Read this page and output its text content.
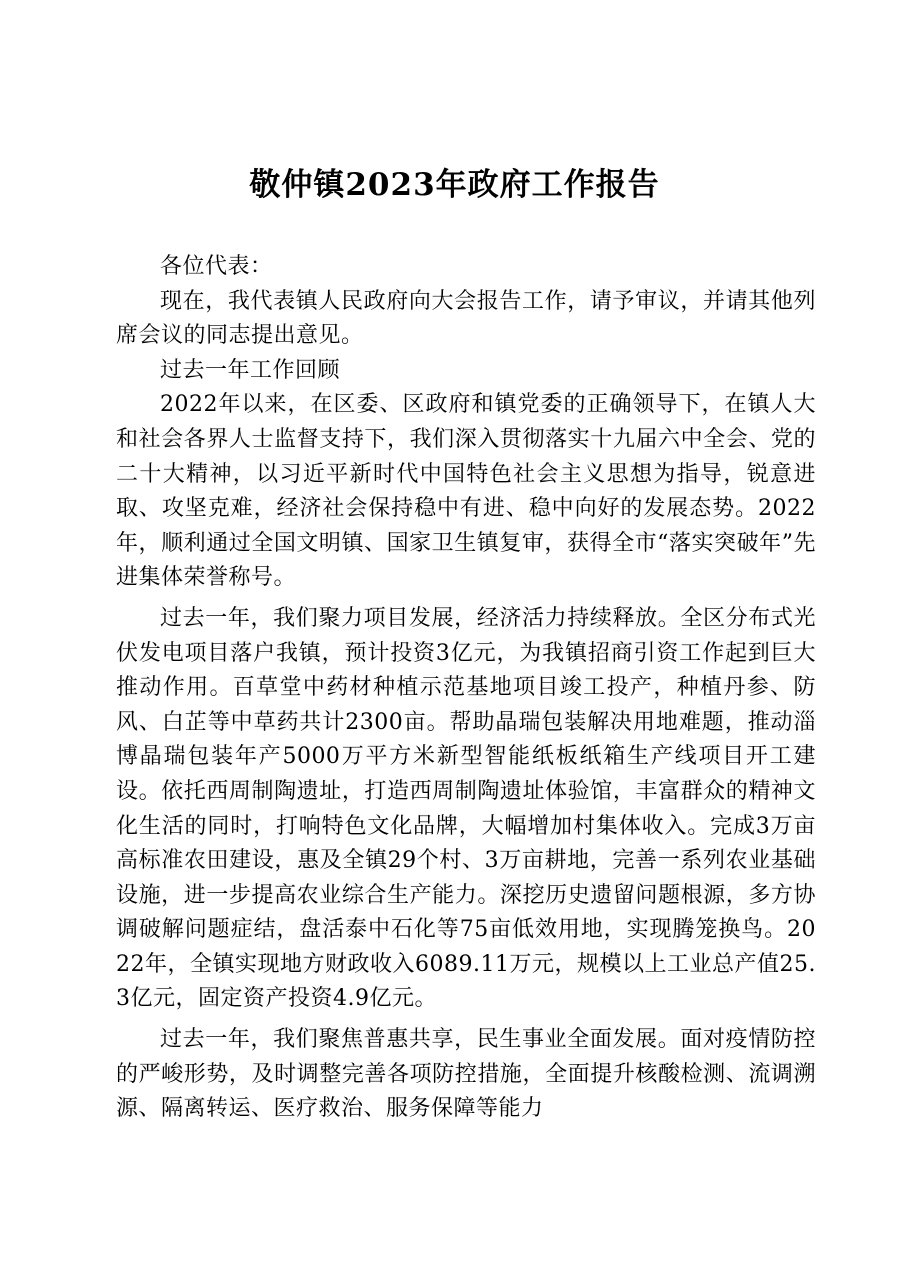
敬仲镇2023年政府工作报告

各位代表：

现在，我代表镇人民政府向大会报告工作，请予审议，并请其他列席会议的同志提出意见。

过去一年工作回顾

2022年以来，在区委、区政府和镇党委的正确领导下，在镇人大和社会各界人士监督支持下，我们深入贯彻落实十九届六中全会、党的二十大精神，以习近平新时代中国特色社会主义思想为指导，锐意进取、攻坚克难，经济社会保持稳中有进、稳中向好的发展态势。2022年，顺利通过全国文明镇、国家卫生镇复审，获得全市“落实突破年”先进集体荣誉称号。

过去一年，我们聚力项目发展，经济活力持续释放。全区分布式光伏发电项目落户我镇，预计投资3亿元，为我镇招商引资工作起到巨大推动作用。百草堂中药材种植示范基地项目竣工投产，种植丹参、防风、白芷等中草药共计2300亩。帮助晶瑞包装解决用地难题，推动淄博晶瑞包装年产5000万平方米新型智能纸板纸箱生产线项目开工建设。依托西周制陶遗址，打造西周制陶遗址体验馆，丰富群众的精神文化生活的同时，打响特色文化品牌，大幅增加村集体收入。完成3万亩高标准农田建设，惠及全镇29个村、3万亩耕地，完善一系列农业基础设施，进一步提高农业综合生产能力。深挖历史遗留问题根源，多方协调破解问题症结，盘活泰中石化等75亩低效用地，实现腾笼换鸟。2022年，全镇实现地方财政收入6089.11万元，规模以上工业总产值25.3亿元，固定资产投资4.9亿元。

过去一年，我们聚焦普惠共享，民生事业全面发展。面对疫情防控的严峻形势，及时调整完善各项防控措施，全面提升核酸检测、流调溯源、隔离转运、医疗救治、服务保障等能力
